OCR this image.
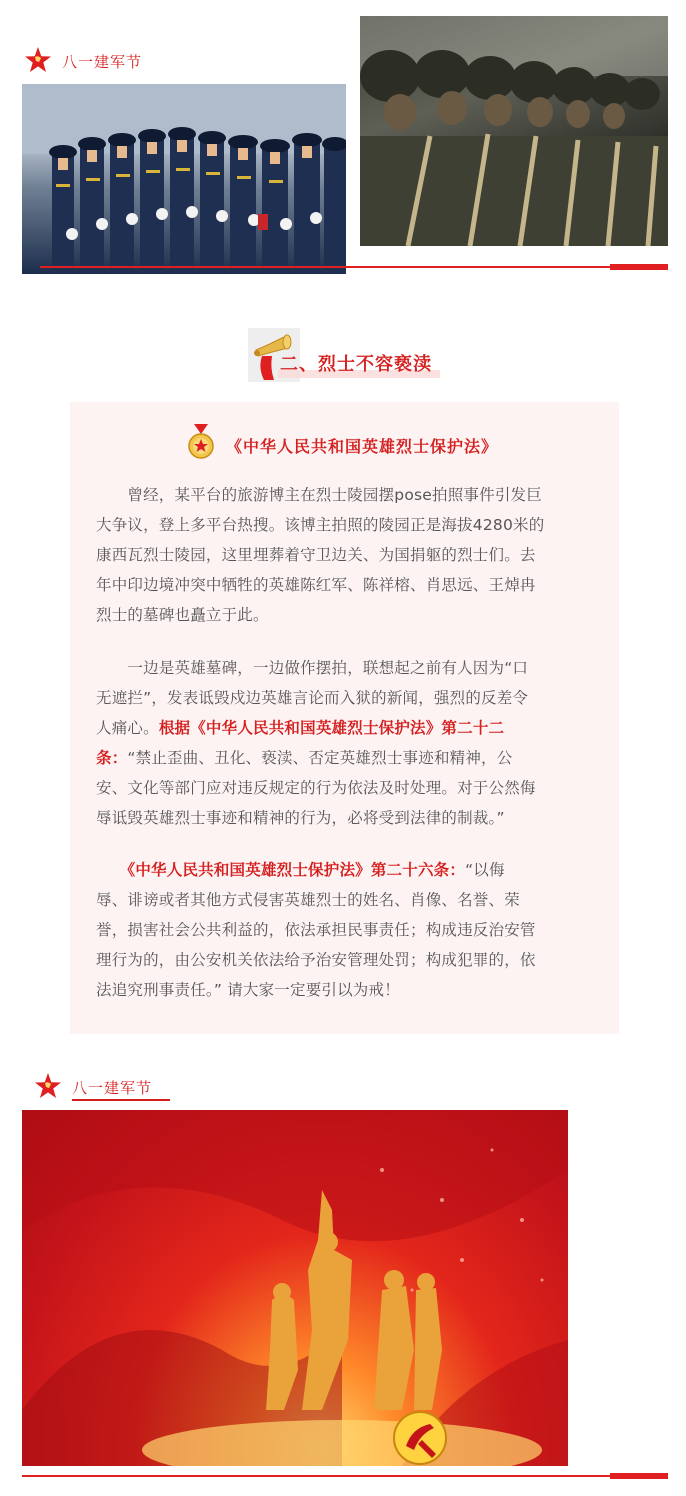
八一建军节
二、烈士不容亵渎
《中华人民共和国英雄烈士保护法》
　　曾经，某平台的旅游博主在烈士陵园摆pose拍照事件引发巨
大争议，登上多平台热搜。该博主拍照的陵园正是海拔4280米的
康西瓦烈士陵园，这里埋葬着守卫边关、为国捐躯的烈士们。去
年中印边境冲突中牺牲的英雄陈红军、陈祥榕、肖思远、王焯冉
烈士的墓碑也矗立于此。
　　一边是英雄墓碑，一边做作摆拍，联想起之前有人因为“口
无遮拦”，发表诋毁戍边英雄言论而入狱的新闻，强烈的反差令
人痛心。根据《中华人民共和国英雄烈士保护法》第二十二
条：“禁止歪曲、丑化、亵渎、否定英雄烈士事迹和精神，公
安、文化等部门应对违反规定的行为依法及时处理。对于公然侮
辱诋毁英雄烈士事迹和精神的行为，必将受到法律的制裁。”
　　《中华人民共和国英雄烈士保护法》第二十六条：“以侮
辱、诽谤或者其他方式侵害英雄烈士的姓名、肖像、名誉、荣
誉，损害社会公共利益的，依法承担民事责任；构成违反治安管
理行为的，由公安机关依法给予治安管理处罚；构成犯罪的，依
法追究刑事责任。” 请大家一定要引以为戒！
八一建军节
